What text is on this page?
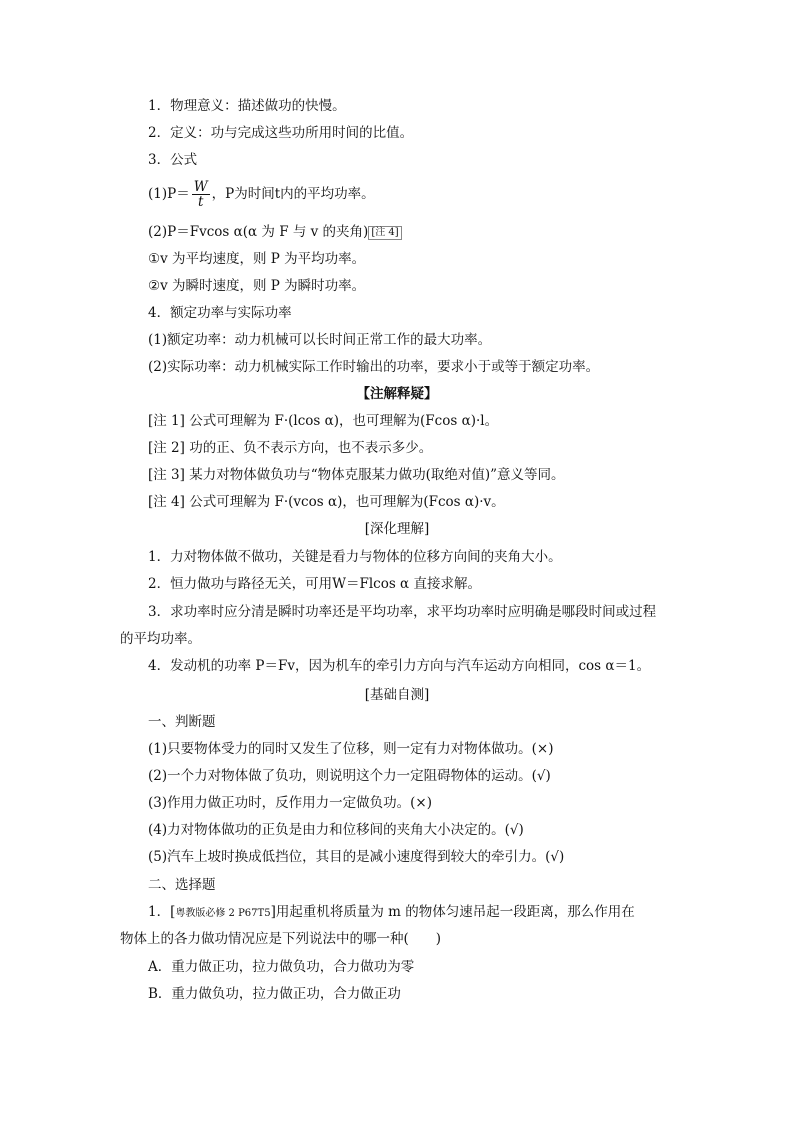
1．物理意义：描述做功的快慢。
2．定义：功与完成这些功所用时间的比值。
3．公式
$(1)P= \frac{W}{t}$ ，P为时间t内的平均功率。
(2)P＝Fvcos α(α 为 F 与 v 的夹角) [注 4]
①v 为平均速度，则 P 为平均功率。
②v 为瞬时速度，则 P 为瞬时功率。
4．额定功率与实际功率
(1)额定功率：动力机械可以长时间正常工作的最大功率。
(2)实际功率：动力机械实际工作时输出的功率，要求小于或等于额定功率。
【注解释疑】
[注 1] 公式可理解为 F·(lcos α)，也可理解为(Fcos α)·l。
[注 2] 功的正、负不表示方向，也不表示多少。
[注 3] 某力对物体做负功与“物体克服某力做功(取绝对值)”意义等同。
[注 4] 公式可理解为 F·(vcos α)，也可理解为(Fcos α)·v。
[深化理解]
1．力对物体做不做功，关键是看力与物体的位移方向间的夹角大小。
2．恒力做功与路径无关，可用W＝Flcos α 直接求解。
3．求功率时应分清是瞬时功率还是平均功率，求平均功率时应明确是哪段时间或过程
的平均功率。
4．发动机的功率 P＝Fv，因为机车的牵引力方向与汽车运动方向相同，cos α＝1。
[基础自测]
一、判断题
(1)只要物体受力的同时又发生了位移，则一定有力对物体做功。(×)
(2)一个力对物体做了负功，则说明这个力一定阻碍物体的运动。(√)
(3)作用力做正功时，反作用力一定做负功。(×)
(4)力对物体做功的正负是由力和位移间的夹角大小决定的。(√)
(5)汽车上坡时换成低挡位，其目的是减小速度得到较大的牵引力。(√)
二、选择题
1．[粤教版必修 2 P67T5]用起重机将质量为 m 的物体匀速吊起一段距离，那么作用在
物体上的各力做功情况应是下列说法中的哪一种(　　)
A．重力做正功，拉力做负功，合力做功为零
B．重力做负功，拉力做正功，合力做正功
